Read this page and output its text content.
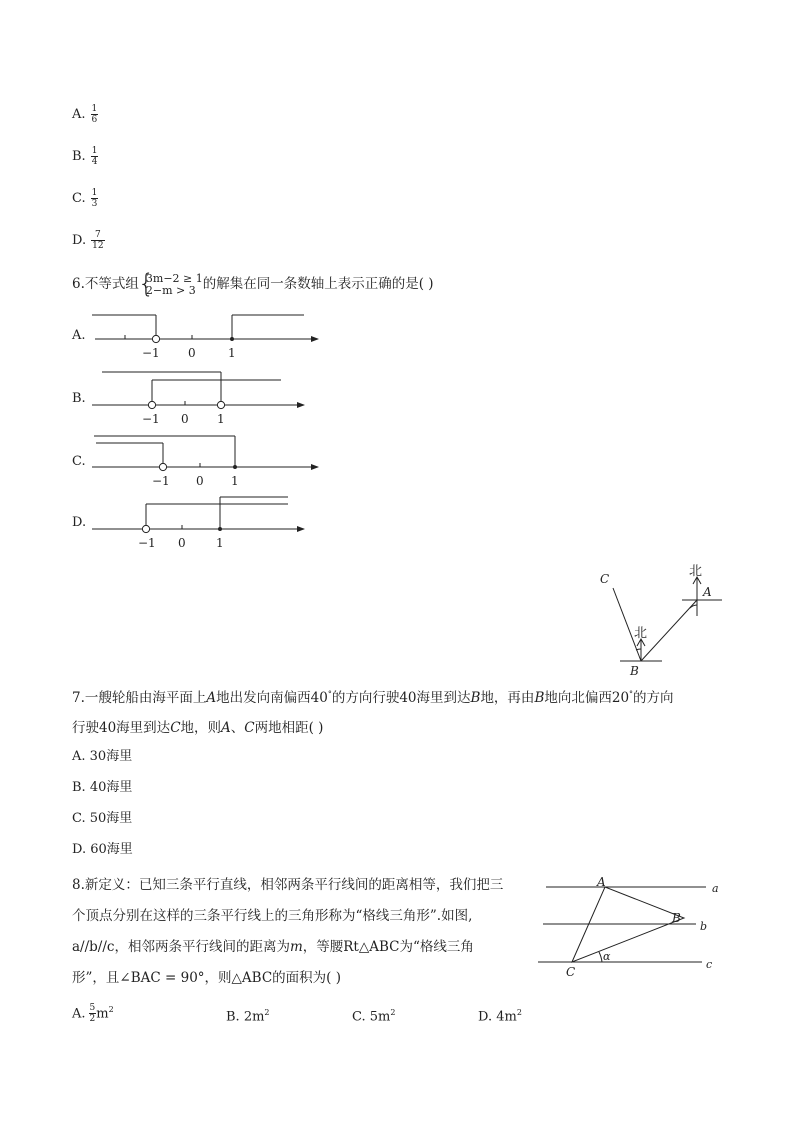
A. $\frac{1}{6}$
B. $\frac{1}{4}$
C. $\frac{1}{3}$
D. $\frac{7}{12}$
6.不等式组
{ 3m−2 ≥ 1
2−m > 3 的解集在同一条数轴上表示正确的是( )
A.
B.
C.
D.
−1 0	1
−1 0 1
−1 0 1
−1 0	1
北
北
A
B
C
7.一艘轮船由海平面上A地出发向南偏西40°的方向行驶40海里到达B地，再由B地向北偏西20°的方向
行驶40海里到达C地，则A、C两地相距( )
A. 30海里
B. 40海里
C. 50海里
D. 60海里
8.新定义：已知三条平行直线，相邻两条平行线间的距离相等，我们把三
个顶点分别在这样的三条平行线上的三角形称为“格线三角形”.如图,
a//b//c，相邻两条平行线间的距离为m，等腰Rt△ABC为“格线三角
形”，且∠BAC = 90°，则△ABC的面积为( )
A. $\frac{5}{2} m^2$	B. $2m^2$	C. $5m^2$	D. $4m^2$
A
B
C
a
b
c
α
